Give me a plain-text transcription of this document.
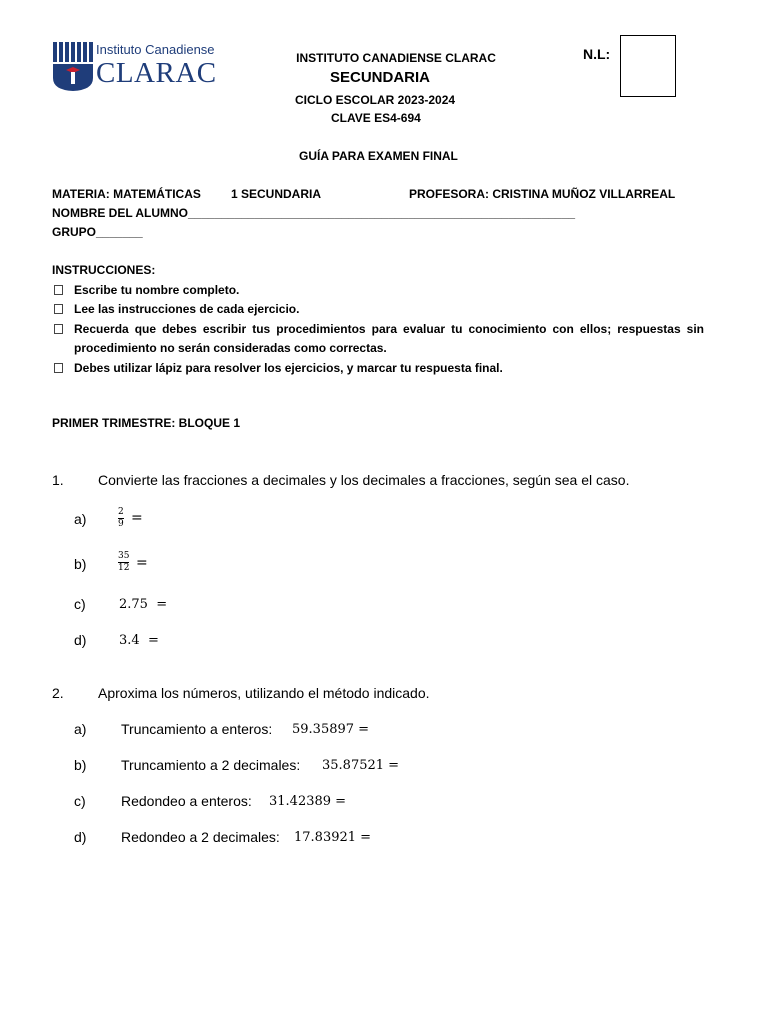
Instituto Canadiense
CLARAC	INSTITUTO CANADIENSE CLARAC
SECUNDARIA
CICLO ESCOLAR 2023-2024
CLAVE ES4-694
N.L:
GUÍA PARA EXAMEN FINAL
MATERIA: MATEMÁTICAS	1 SECUNDARIA	PROFESORA: CRISTINA MUÑOZ VILLARREAL
NOMBRE DEL ALUMNO__________________________________________________________
GRUPO_______
INSTRUCCIONES:
Escribe tu nombre completo.
Lee las instrucciones de cada ejercicio.
Recuerda que debes escribir tus procedimientos para evaluar tu conocimiento con ellos; respuestas sin procedimiento no serán consideradas como correctas.
Debes utilizar lápiz para resolver los ejercicios, y marcar tu respuesta final.
PRIMER TRIMESTRE: BLOQUE 1
1. Convierte las fracciones a decimales y los decimales a fracciones, según sea el caso.
a)	2
9 =
b)	35
12 =
c)	2.75  =
d)	3.4  =
2. Aproxima los números, utilizando el método indicado.
a) Truncamiento a enteros: 59.35897 =
b) Truncamiento a 2 decimales: 35.87521 =
c)	Redondeo a enteros: 31.42389 =
d) Redondeo a 2 decimales: 17.83921 =
